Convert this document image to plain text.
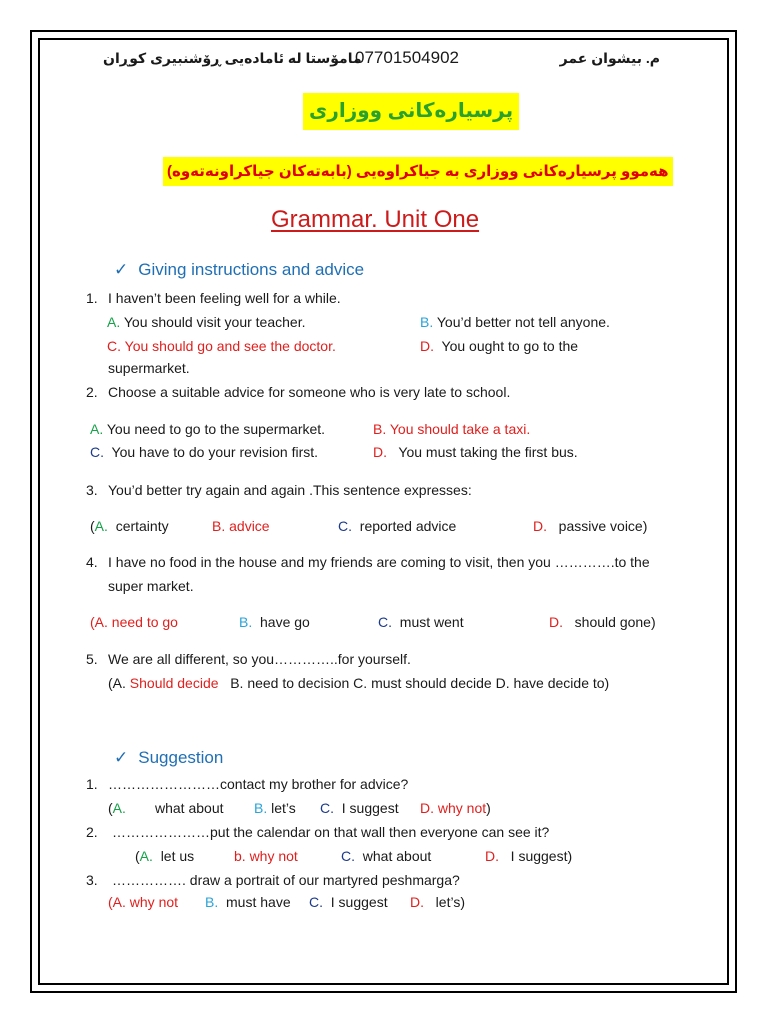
م. بیشوان عمر
07701504902
ماموٚستا لە ئامادەیی ڕوٚشنبیری کوڕان
پرسیارەکانی ووزاری
هەموو پرسیارەکانی ووزاری بە جیاکراوەیی (بابەتەکان جیاکراونەتەوە)
Grammar. Unit One
✓ Giving instructions and advice
1. I haven’t been feeling well for a while.
A. You should visit your teacher.	B. You’d better not tell anyone.
C. You should go and see the doctor.	D. You ought to go to the
supermarket.
2. Choose a suitable advice for someone who is very late to school.
A. You need to go to the supermarket.	B. You should take a taxi.
C. You have to do your revision first.	D. You must taking the first bus.
3. You’d better try again and again .This sentence expresses:
(A. certainty	B. advice	C. reported advice	D. passive voice)
4. I have no food in the house and my friends are coming to visit, then you ………….to the
super market.
(A. need to go	B. have go	C. must went	D. should gone)
5. We are all different, so you…………..for yourself.
(A. Should decide B. need to decision C. must should decide D. have decide to)
✓ Suggestion
1. ……………………contact my brother for advice?
(A. what about B. let’s C. I suggest D. why not)
2. …………………put the calendar on that wall then everyone can see it?
(A. let us	b. why not	C. what about	D. I suggest)
3. ……………. draw a portrait of our martyred peshmarga?
(A. why not B. must have C. I suggest D. let’s)
